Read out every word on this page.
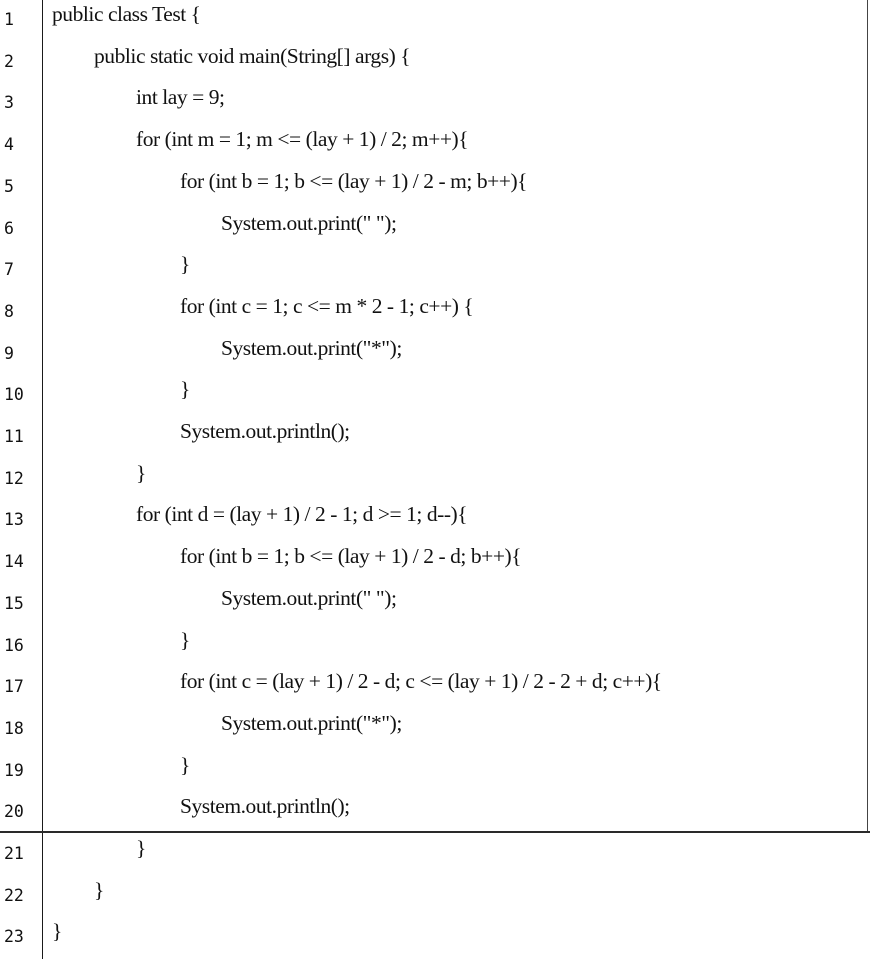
1	public class Test {
2	public static void main(String[] args) {
3	int lay = 9;
4	for (int m = 1; m <= (lay + 1) / 2; m++){
5	for (int b = 1; b <= (lay + 1) / 2 - m; b++){
6	System.out.print(" ");
7	}
8	for (int c = 1; c <= m * 2 - 1; c++) {
9	System.out.print("*");
10	}
11	System.out.println();
12	}
13	for (int d = (lay + 1) / 2 - 1; d >= 1; d--){
14	for (int b = 1; b <= (lay + 1) / 2 - d; b++){
15	System.out.print(" ");
16	}
17	for (int c = (lay + 1) / 2 - d; c <= (lay + 1) / 2 - 2 + d; c++){
18	System.out.print("*");
19	}
20	System.out.println();
21	}
22	}
23	}
